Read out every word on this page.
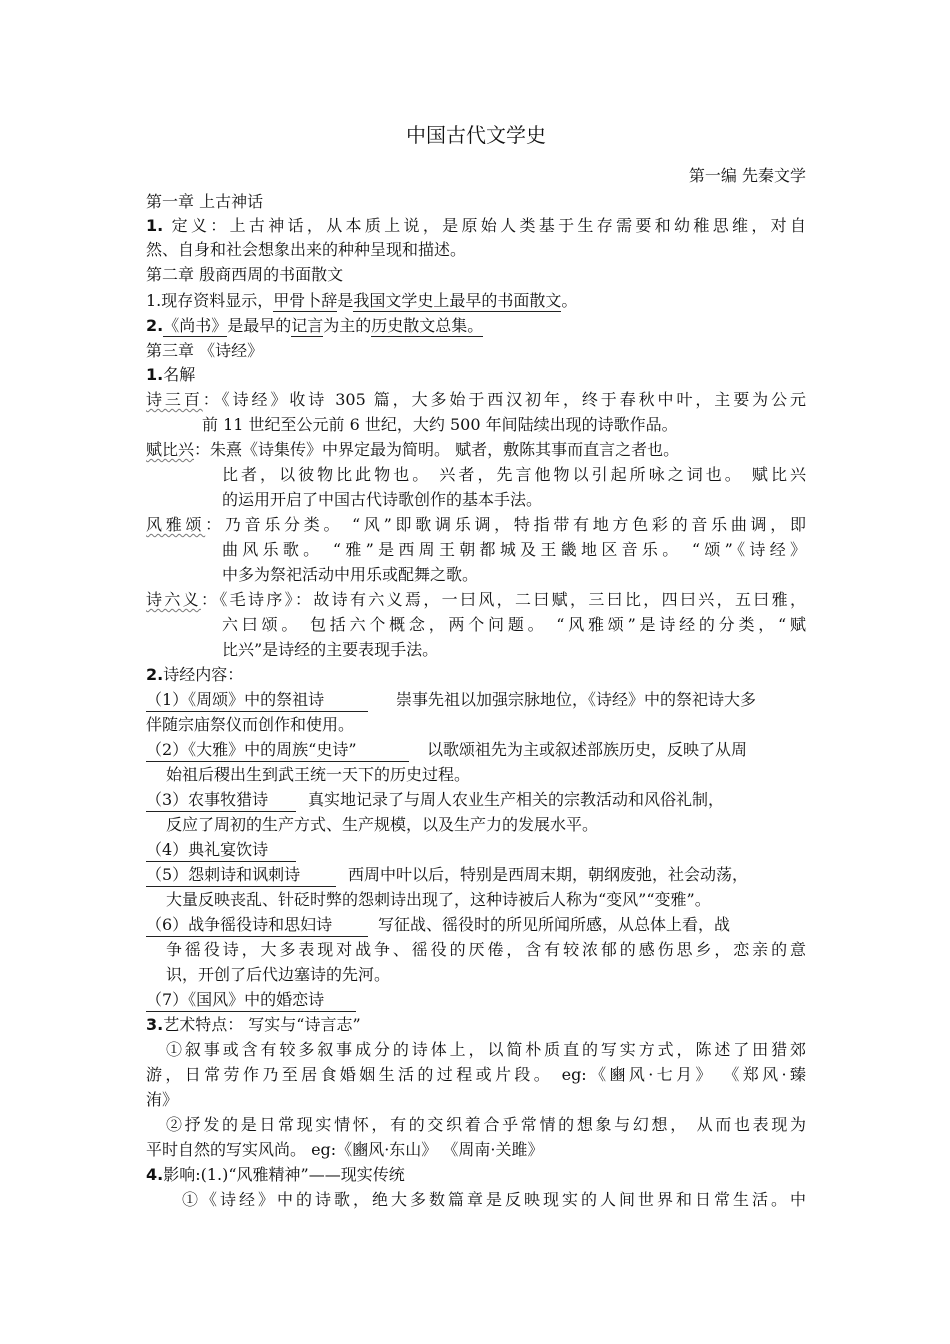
中国古代文学史
第一编 先秦文学
第一章 上古神话
1. 定义：上古神话，从本质上说，是原始人类基于生存需要和幼稚思维，对自
然、自身和社会想象出来的种种呈现和描述。
第二章 殷商西周的书面散文
1.现存资料显示，甲骨卜辞是我国文学史上最早的书面散文。
2.《尚书》是最早的记言为主的历史散文总集。
第三章 《诗经》
1.名解
诗三百：《诗经》收诗 305 篇，大多始于西汉初年，终于春秋中叶，主要为公元
前 11 世纪至公元前 6 世纪，大约 500 年间陆续出现的诗歌作品。
赋比兴：朱熹《诗集传》中界定最为简明。 赋者，敷陈其事而直言之者也。
比者，以彼物比此物也。 兴者，先言他物以引起所咏之词也。 赋比兴
的运用开启了中国古代诗歌创作的基本手法。
风雅颂：乃音乐分类。 “风”即歌调乐调，特指带有地方色彩的音乐曲调，即
曲风乐歌。 “雅”是西周王朝都城及王畿地区音乐。 “颂”《诗经》
中多为祭祀活动中用乐或配舞之歌。
诗六义：《毛诗序》：故诗有六义焉，一曰风，二曰赋，三曰比，四曰兴，五曰雅，
六曰颂。 包括六个概念，两个问题。 “风雅颂”是诗经的分类，“赋
比兴”是诗经的主要表现手法。
2.诗经内容：
（1）《周颂》中的祭祖诗	崇事先祖以加强宗脉地位，《诗经》中的祭祀诗大多
伴随宗庙祭仪而创作和使用。
（2）《大雅》中的周族“史诗”	以歌颂祖先为主或叙述部族历史，反映了从周
始祖后稷出生到武王统一天下的历史过程。
（3）农事牧猎诗 真实地记录了与周人农业生产相关的宗教活动和风俗礼制，
反应了周初的生产方式、生产规模，以及生产力的发展水平。
（4）典礼宴饮诗
（5）怨刺诗和讽刺诗	西周中叶以后，特别是西周末期，朝纲废弛，社会动荡，
大量反映丧乱、针砭时弊的怨刺诗出现了，这种诗被后人称为“变风”“变雅”。
（6）战争徭役诗和思妇诗	写征战、徭役时的所见所闻所感，从总体上看，战
争徭役诗，大多表现对战争、徭役的厌倦，含有较浓郁的感伤思乡，恋亲的意
识，开创了后代边塞诗的先河。
（7）《国风》中的婚恋诗
3.艺术特点： 写实与“诗言志”
①叙事或含有较多叙事成分的诗体上，以简朴质直的写实方式，陈述了田猎郊
游，日常劳作乃至居食婚姻生活的过程或片段。 eg:《豳风·七月》 《郑风·臻
洧》
②抒发的是日常现实情怀，有的交织着合乎常情的想象与幻想， 从而也表现为
平时自然的写实风尚。 eg:《豳风·东山》 《周南·关雎》
4.影响:(1.)“风雅精神”——现实传统
①《诗经》中的诗歌，绝大多数篇章是反映现实的人间世界和日常生活。中
